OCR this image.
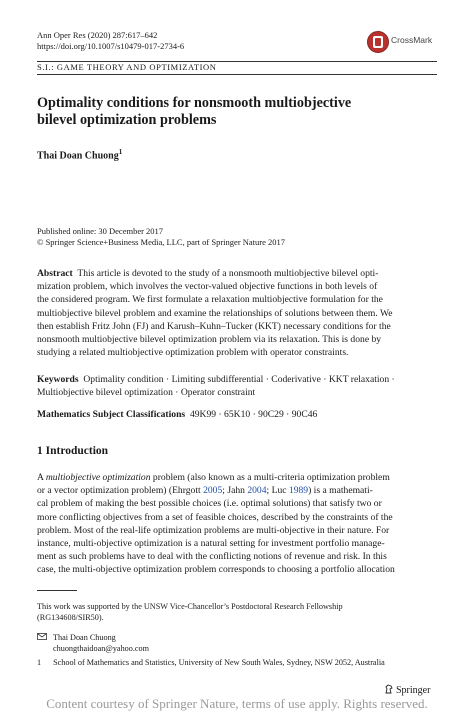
Ann Oper Res (2020) 287:617–642
https://doi.org/10.1007/s10479-017-2734-6
CrossMark
S.I.: GAME THEORY AND OPTIMIZATION
Optimality conditions for nonsmooth multiobjective
bilevel optimization problems
Thai Doan Chuong$^1$
Published online: 30 December 2017
© Springer Science+Business Media, LLC, part of Springer Nature 2017
Abstract This article is devoted to the study of a nonsmooth multiobjective bilevel opti-
mization problem, which involves the vector-valued objective functions in both levels of
the considered program. We first formulate a relaxation multiobjective formulation for the
multiobjective bilevel problem and examine the relationships of solutions between them. We
then establish Fritz John (FJ) and Karush–Kuhn–Tucker (KKT) necessary conditions for the
nonsmooth multiobjective bilevel optimization problem via its relaxation. This is done by
studying a related multiobjective optimization problem with operator constraints.
Keywords Optimality condition · Limiting subdifferential · Coderivative · KKT relaxation ·
Multiobjective bilevel optimization · Operator constraint
Mathematics Subject Classifications 49K99 · 65K10 · 90C29 · 90C46
1 Introduction
A multiobjective optimization problem (also known as a multi-criteria optimization problem
or a vector optimization problem) (Ehrgott 2005; Jahn 2004; Luc 1989) is a mathemati-
cal problem of making the best possible choices (i.e. optimal solutions) that satisfy two or
more conflicting objectives from a set of feasible choices, described by the constraints of the
problem. Most of the real-life optimization problems are multi-objective in their nature. For
instance, multi-objective optimization is a natural setting for investment portfolio manage-
ment as such problems have to deal with the conflicting notions of revenue and risk. In this
case, the multi-objective optimization problem corresponds to choosing a portfolio allocation
This work was supported by the UNSW Vice-Chancellor’s Postdoctoral Research Fellowship
(RG134608/SIR50).
Thai Doan Chuong
chuongthaidoan@yahoo.com
1 School of Mathematics and Statistics, University of New South Wales, Sydney, NSW 2052, Australia
Springer
Content courtesy of Springer Nature, terms of use apply. Rights reserved.
